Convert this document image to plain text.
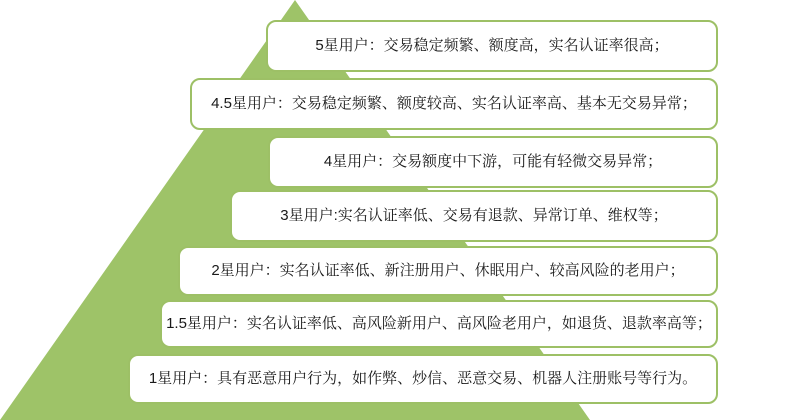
5星用户：交易稳定频繁、额度高，实名认证率很高；
4.5星用户：交易稳定频繁、额度较高、实名认证率高、基本无交易异常；
4星用户：交易额度中下游，可能有轻微交易异常；
3星用户:实名认证率低、交易有退款、异常订单、维权等；
2星用户：实名认证率低、新注册用户、休眠用户、较高风险的老用户；
1.5星用户：实名认证率低、高风险新用户、高风险老用户，如退货、退款率高等；
1星用户：具有恶意用户行为，如作弊、炒信、恶意交易、机器人注册账号等行为。
